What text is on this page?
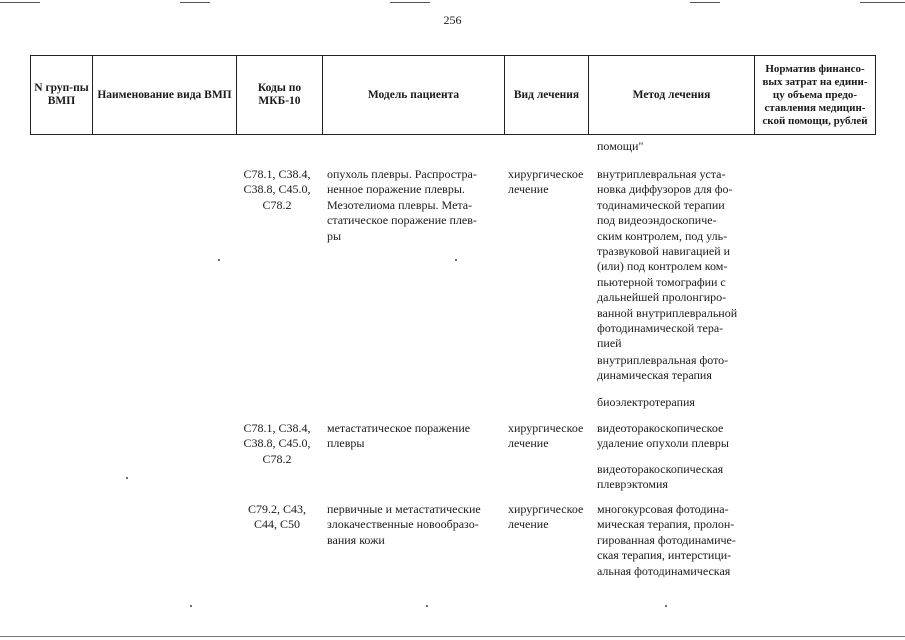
256
N груп-пы ВМП
Наименование вида ВМП
Коды по МКБ-10
Модель пациента	Вид лечения	Метод лечения
Норматив финансо-вых затрат на едини-цу объема предо-ставления медицин-ской помощи, рублей
помощи"
C78.1, C38.4,
C38.8, C45.0,
C78.2
опухоль плевры. Распростра-
ненное поражение плевры.
Мезотелиома плевры. Мета-
статическое поражение плев-
ры
хирургическое
лечение
внутриплевральная уста-
новка диффузоров для фо-
тодинамической терапии
под видеоэндоскопиче-
ским контролем, под уль-
тразвуковой навигацией и
(или) под контролем ком-
пьютерной томографии с
дальнейшей пролонгиро-
ванной внутриплевральной
фотодинамической тера-
пией
внутриплевральная фото-
динамическая терапия
биоэлектротерапия
C78.1, C38.4,
C38.8, C45.0,
C78.2
метастатическое поражение
плевры
хирургическое
лечение
видеоторакоскопическое
удаление опухоли плевры
видеоторакоскопическая
плеврэктомия
C79.2, C43,
C44, C50
первичные и метастатические
злокачественные новообразо-
вания кожи
хирургическое
лечение
многокурсовая фотодина-
мическая терапия, пролон-
гированная фотодинамиче-
ская терапия, интерстици-
альная фотодинамическая
